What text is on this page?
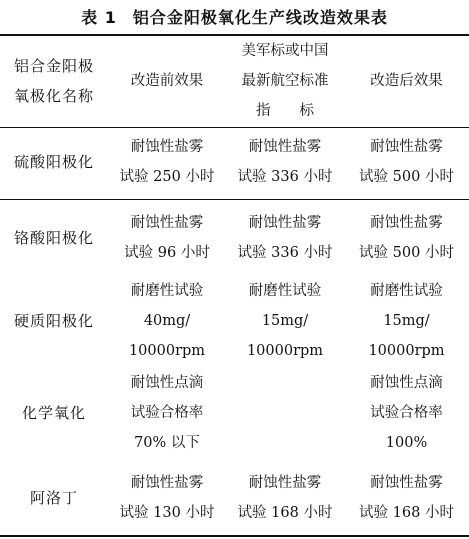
表 1 铝合金阳极氧化生产线改造效果表
铝合金阳极
氧极化名称
改造前效果
美军标或中国
最新航空标准
指　　标
改造后效果
硫酸阳极化
耐蚀性盐雾
试验 250 小时
耐蚀性盐雾
试验 336 小时
耐蚀性盐雾
试验 500 小时
铬酸阳极化
耐蚀性盐雾
试验 96 小时
耐蚀性盐雾
试验 336 小时
耐蚀性盐雾
试验 500 小时
硬质阳极化
耐磨性试验
40mg/
10000rpm
耐磨性试验
15mg/
10000rpm
耐磨性试验
15mg/
10000rpm
化学氧化
耐蚀性点滴
试验合格率
70% 以下
耐蚀性点滴
试验合格率
100%
阿洛丁
耐蚀性盐雾
试验 130 小时
耐蚀性盐雾
试验 168 小时
耐蚀性盐雾
试验 168 小时
